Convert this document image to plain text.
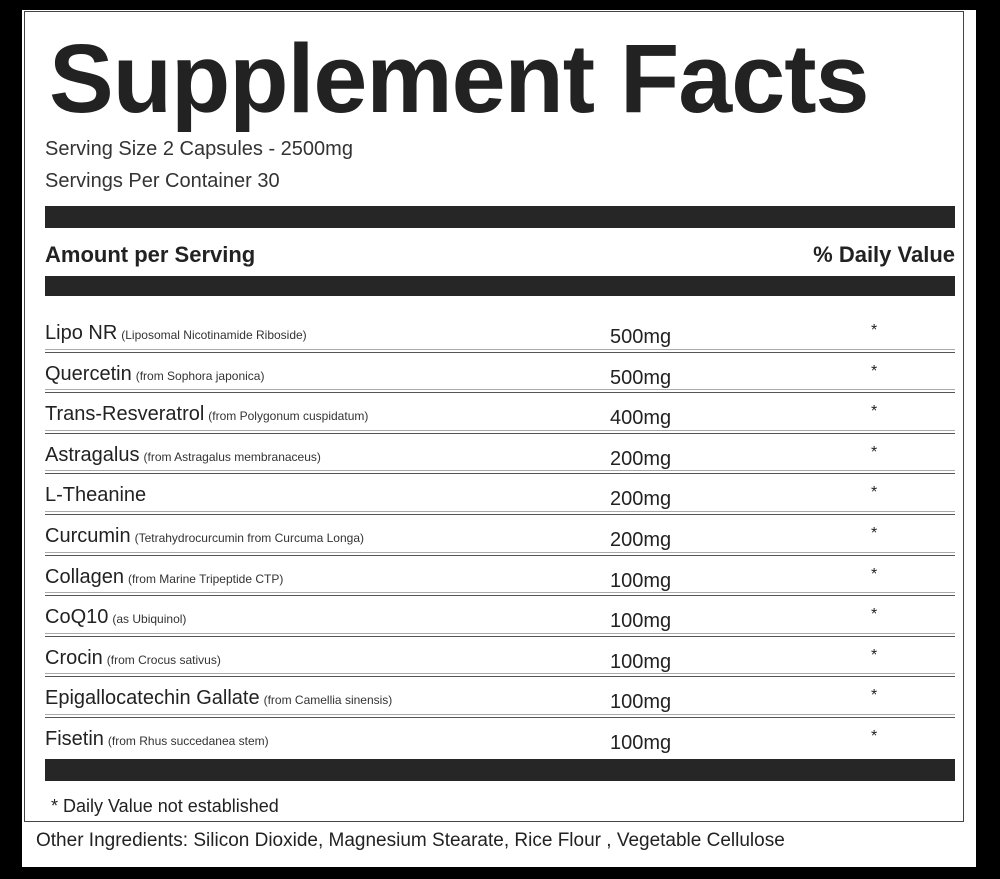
Supplement Facts
Serving Size 2 Capsules - 2500mg
Servings Per Container 30
Amount per Serving	% Daily Value
Lipo NR (Liposomal Nicotinamide Riboside)	500mg	*
Quercetin (from Sophora japonica)	500mg	*
Trans-Resveratrol (from Polygonum cuspidatum)	400mg	*
Astragalus (from Astragalus membranaceus)	200mg	*
L-Theanine	200mg	*
Curcumin (Tetrahydrocurcumin from Curcuma Longa)	200mg	*
Collagen (from Marine Tripeptide CTP)	100mg	*
CoQ10 (as Ubiquinol)	100mg	*
Crocin (from Crocus sativus)	100mg	*
Epigallocatechin Gallate (from Camellia sinensis)	100mg	*
Fisetin (from Rhus succedanea stem)	100mg	*
* Daily Value not established
Other Ingredients: Silicon Dioxide, Magnesium Stearate, Rice Flour , Vegetable Cellulose
